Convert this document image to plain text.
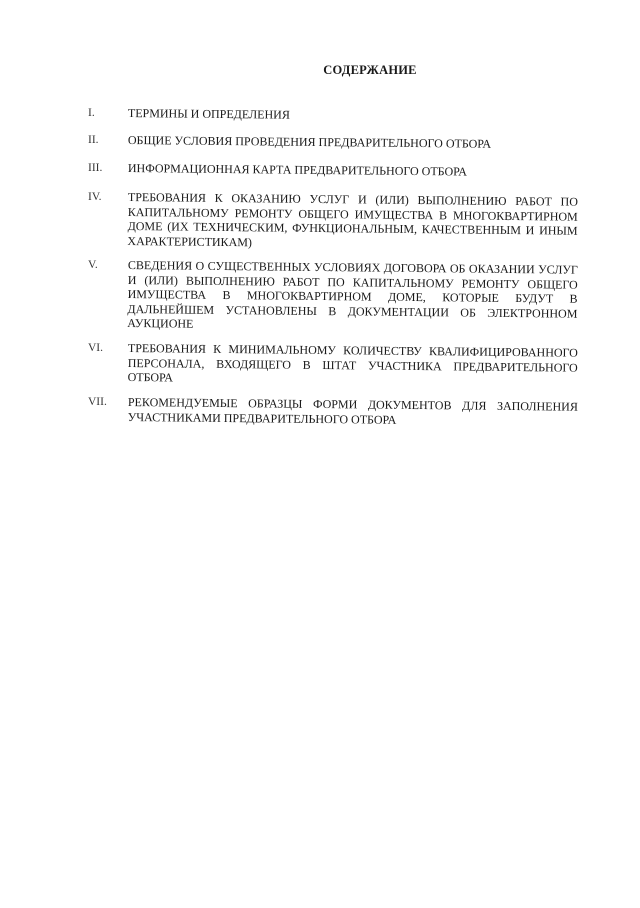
СОДЕРЖАНИЕ
I.	ТЕРМИНЫ И ОПРЕДЕЛЕНИЯ
II.	ОБЩИЕ УСЛОВИЯ ПРОВЕДЕНИЯ ПРЕДВАРИТЕЛЬНОГО ОТБОРА
III.	ИНФОРМАЦИОННАЯ КАРТА ПРЕДВАРИТЕЛЬНОГО ОТБОРА
IV.	ТРЕБОВАНИЯ К ОКАЗАНИЮ УСЛУГ И (ИЛИ) ВЫПОЛНЕНИЮ РАБОТ ПО КАПИТАЛЬНОМУ РЕМОНТУ ОБЩЕГО ИМУЩЕСТВА В МНОГОКВАРТИРНОМ ДОМЕ (ИХ ТЕХНИЧЕСКИМ, ФУНКЦИОНАЛЬНЫМ, КАЧЕСТВЕННЫМ И ИНЫМ ХАРАКТЕРИСТИКАМ)
V.	СВЕДЕНИЯ О СУЩЕСТВЕННЫХ УСЛОВИЯХ ДОГОВОРА ОБ ОКАЗАНИИ УСЛУГ И (ИЛИ) ВЫПОЛНЕНИЮ РАБОТ ПО КАПИТАЛЬНОМУ РЕМОНТУ ОБЩЕГО ИМУЩЕСТВА В МНОГОКВАРТИРНОМ ДОМЕ, КОТОРЫЕ БУДУТ В ДАЛЬНЕЙШЕМ УСТАНОВЛЕНЫ В ДОКУМЕНТАЦИИ ОБ ЭЛЕКТРОННОМ АУКЦИОНЕ
VI.	ТРЕБОВАНИЯ К МИНИМАЛЬНОМУ КОЛИЧЕСТВУ КВАЛИФИЦИРОВАННОГО ПЕРСОНАЛА, ВХОДЯЩЕГО В ШТАТ УЧАСТНИКА ПРЕДВАРИТЕЛЬНОГО ОТБОРА
VII.	РЕКОМЕНДУЕМЫЕ ОБРАЗЦЫ ФОРМИ ДОКУМЕНТОВ ДЛЯ ЗАПОЛНЕНИЯ УЧАСТНИКАМИ ПРЕДВАРИТЕЛЬНОГО ОТБОРА
